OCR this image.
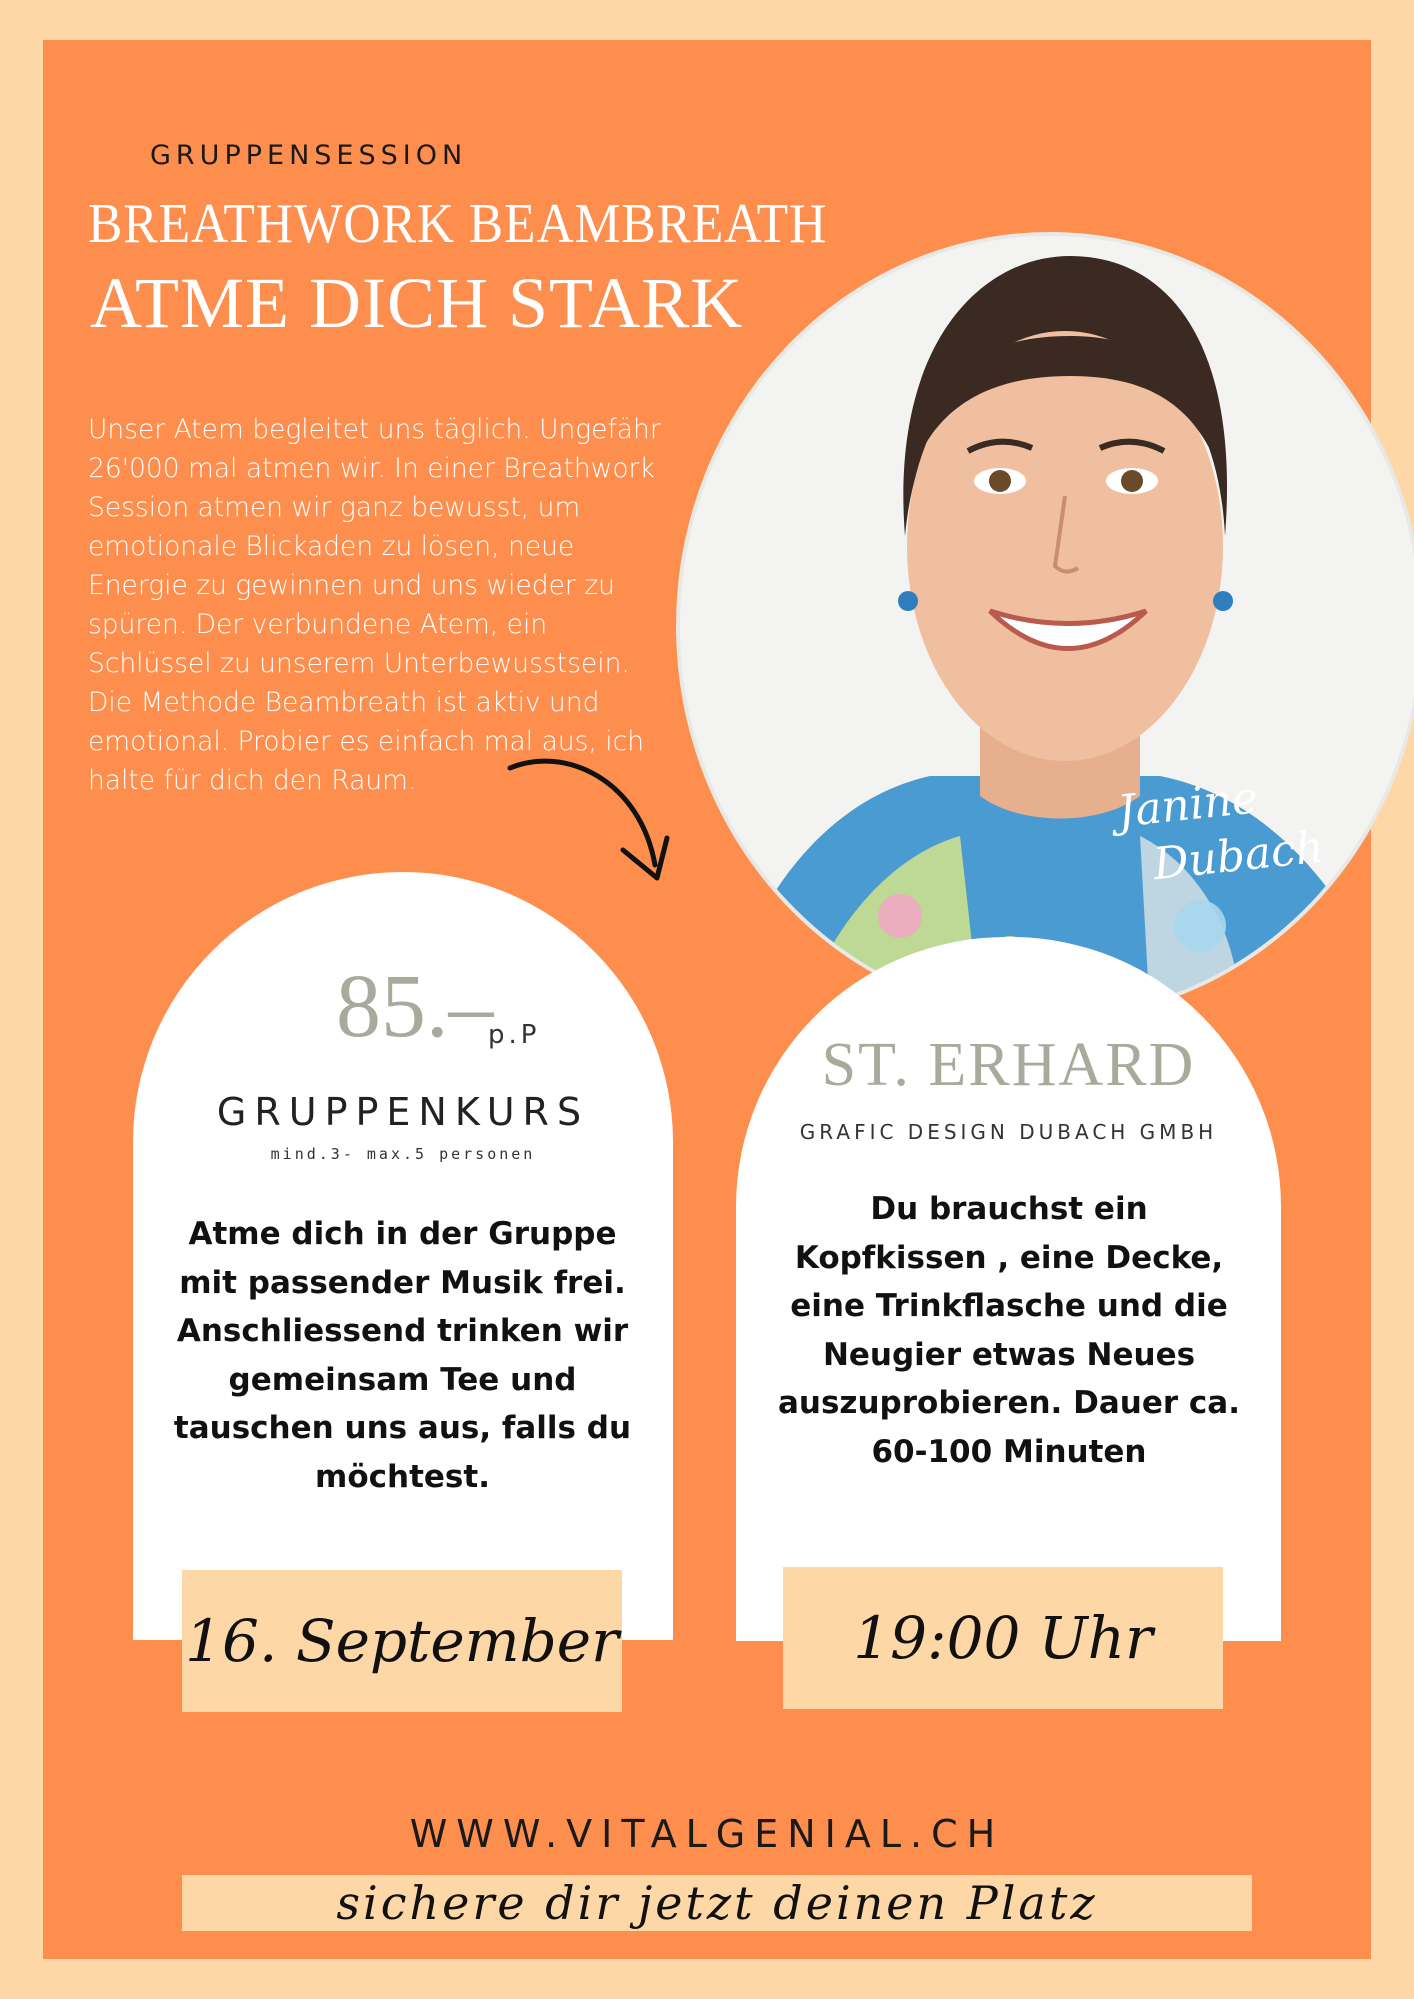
GRUPPENSESSION
BREATHWORK BEAMBREATH
ATME DICH STARK
Unser Atem begleitet uns täglich. Ungefähr 26'000 mal atmen wir. In einer Breathwork Session atmen wir ganz bewusst, um emotionale Blickaden zu lösen, neue Energie zu gewinnen und uns wieder zu spüren. Der verbundene Atem, ein Schlüssel zu unserem Unterbewusstsein. Die Methode Beambreath ist aktiv und emotional. Probier es einfach mal aus, ich halte für dich den Raum.	Janine
Dubach
85.–
p.P
GRUPPENKURS
mind.3- max.5 personen
Atme dich in der Gruppe mit passender Musik frei. Anschliessend trinken wir gemeinsam Tee und tauschen uns aus, falls du möchtest.
16. September
ST. ERHARD
GRAFIC DESIGN DUBACH GMBH
Du brauchst ein Kopfkissen , eine Decke, eine Trinkflasche und die Neugier etwas Neues auszuprobieren. Dauer ca. 60-100 Minuten
19:00 Uhr
WWW.VITALGENIAL.CH
sichere dir jetzt deinen Platz
